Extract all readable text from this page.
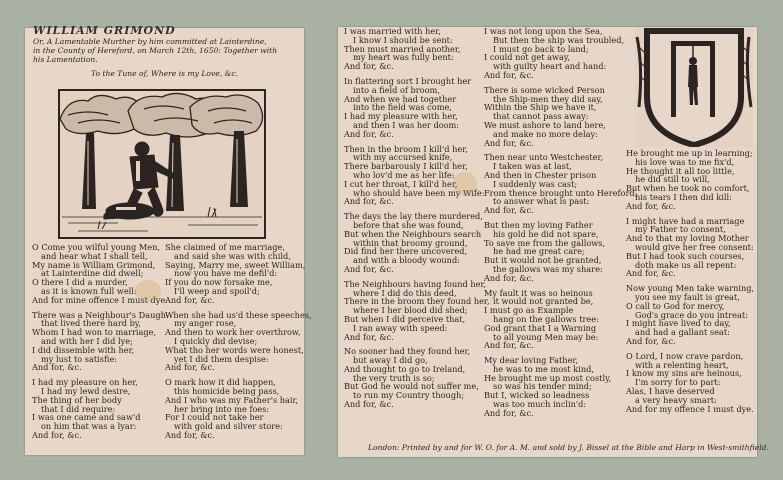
WILLIAM GRIMOND
Or, A Lamentable Murther by him committed at Lainterdine,
in the County of Hereford, on March 12th, 1650: Together with
his Lamentation.
To the Tune of, Where is my Love, &c.
O Come you wilful young Men,
and hear what I shall tell,
My name is William Grimond,
at Lainterdine did dwell;
O there I did a murder,
as it is known full well:
And for mine offence I must dye.
There was a Neighbour's Daugh-
that lived there hard by,
Whom I had won to marriage,
and with her I did lye;
I did dissemble with her,
my lust to satisfie:
And for, &c.
I had my pleasure on her,
I had my lewd desire,
The thing of her body
that I did require:
I was one came and saw'd
on him that was a lyar:
And for, &c.
She claimed of me marriage,
and said she was with child,
Saying, Marry me, sweet William,
now you have me defil'd:
If you do now forsake me,
I'll weep and spoil'd;
And for, &c.
When she had us'd these speeches,
my anger rose,
And then to work her overthrow,
I quickly did devise;
What tho her words were honest,
yet I did them despise:
And for, &c.
O mark how it did happen,
this homicide being pass,
And I who was my Father's hair,
her bring into me foes:
For I could not take her
with gold and silver store:
And for, &c.
I was married with her,
I know I should be sent:
Then must married another,
my heart was fully bent:
And for, &c.
In flattering sort I brought her
into a field of broom,
And when we had together
into the field was come,
I had my pleasure with her,
and then I was her doom:
And for, &c.
Then in the broom I kill'd her,
with my accursed knife,
There barbarously I kill'd her,
who lov'd me as her life:
I cut her throat, I kill'd her,
who should have been my Wife:
And for, &c.
The days the lay there murdered,
before that she was found,
But when the Neighbours search
within that broomy ground,
Did find her there uncovered,
and with a bloody wound:
And for, &c.
The Neighbours having found her,
where I did do this deed,
There in the broom they found her,
where I her blood did shed;
But when I did perceive that,
I ran away with speed:
And for, &c.
No sooner had they found her,
but away I did go,
And thought to go to Ireland,
the very truth is so;
But God he would not suffer me,
to run my Country though;
And for, &c.
I was not long upon the Sea,
But then the ship was troubled,
I must go back to land;
I could not get away,
with guilty heart and hand:
And for, &c.
There is some wicked Person
the Ship-men they did say,
Within the Ship we have it,
that cannot pass away:
We must ashore to land here,
and make no more delay:
And for, &c.
Then near unto Westchester,
I taken was at last,
And then in Chester prison
I suddenly was cast;
From thence brought unto Hereford,
to answer what is past:
And for, &c.
But then my loving Father
his gold he did not spare,
To save me from the gallows,
he had me great care;
But it would not be granted,
the gallows was my share:
And for, &c.
My fault it was so heinous
it would not granted be,
I must go as Example
hang on the gallows tree:
God grant that I a Warning
to all young Men may be:
And for, &c.
My dear loving Father,
he was to me most kind,
He brought me up most costly,
so was his tender mind;
But I, wicked so leadness
was too much inclin'd:
And for, &c.
He brought me up in learning;
his love was to me fix'd,
He thought it all too little,
he did still to will,
But when he took no comfort,
his tears I then did kill:
And for, &c.
I might have had a marriage
my Father to consent,
And to that my loving Mother
would give her free consent:
But I had took such courses,
doth make us all repent:
And for, &c.
Now young Men take warning,
you see my fault is great,
O call to God for mercy,
God's grace do you intreat:
I might have lived to day,
and had a gallant seat:
And for, &c.
O Lord, I now crave pardon,
with a relenting heart,
I know my sins are heinous,
I'm sorry for to part:
Alas, I have deserved
a very heavy smart:
And for my offence I must dye.
London: Printed by and for W. O. for A. M. and sold by J. Bissel at the Bible and Harp in West-smithfield.
